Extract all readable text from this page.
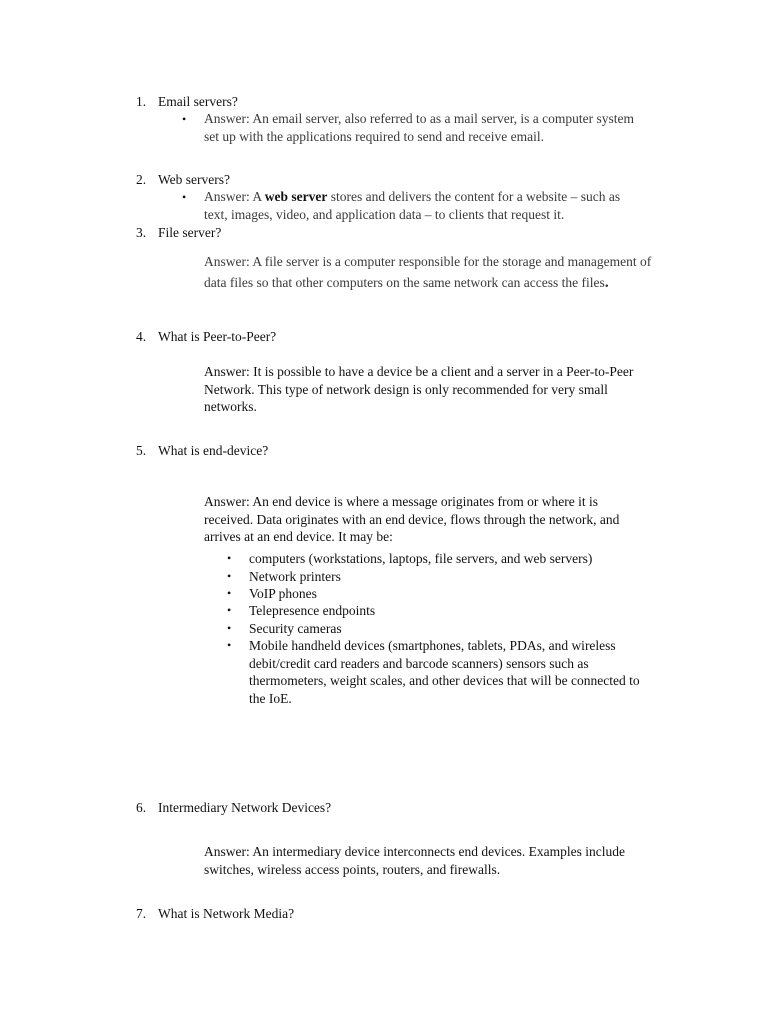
1. Email servers?
• Answer: An email server, also referred to as a mail server, is a computer system set up with the applications required to send and receive email.
2. Web servers?
• Answer: A web server stores and delivers the content for a website – such as text, images, video, and application data – to clients that request it.
3. File server?
Answer: A file server is a computer responsible for the storage and management of data files so that other computers on the same network can access the files.
4. What is Peer-to-Peer?
Answer: It is possible to have a device be a client and a server in a Peer-to-Peer Network. This type of network design is only recommended for very small networks.
5. What is end-device?
Answer: An end device is where a message originates from or where it is received. Data originates with an end device, flows through the network, and arrives at an end device. It may be:
• computers (workstations, laptops, file servers, and web servers)
• Network printers
• VoIP phones
• Telepresence endpoints
• Security cameras
• Mobile handheld devices (smartphones, tablets, PDAs, and wireless debit/credit card readers and barcode scanners) sensors such as thermometers, weight scales, and other devices that will be connected to the IoE.
6. Intermediary Network Devices?
Answer: An intermediary device interconnects end devices. Examples include switches, wireless access points, routers, and firewalls.
7. What is Network Media?
